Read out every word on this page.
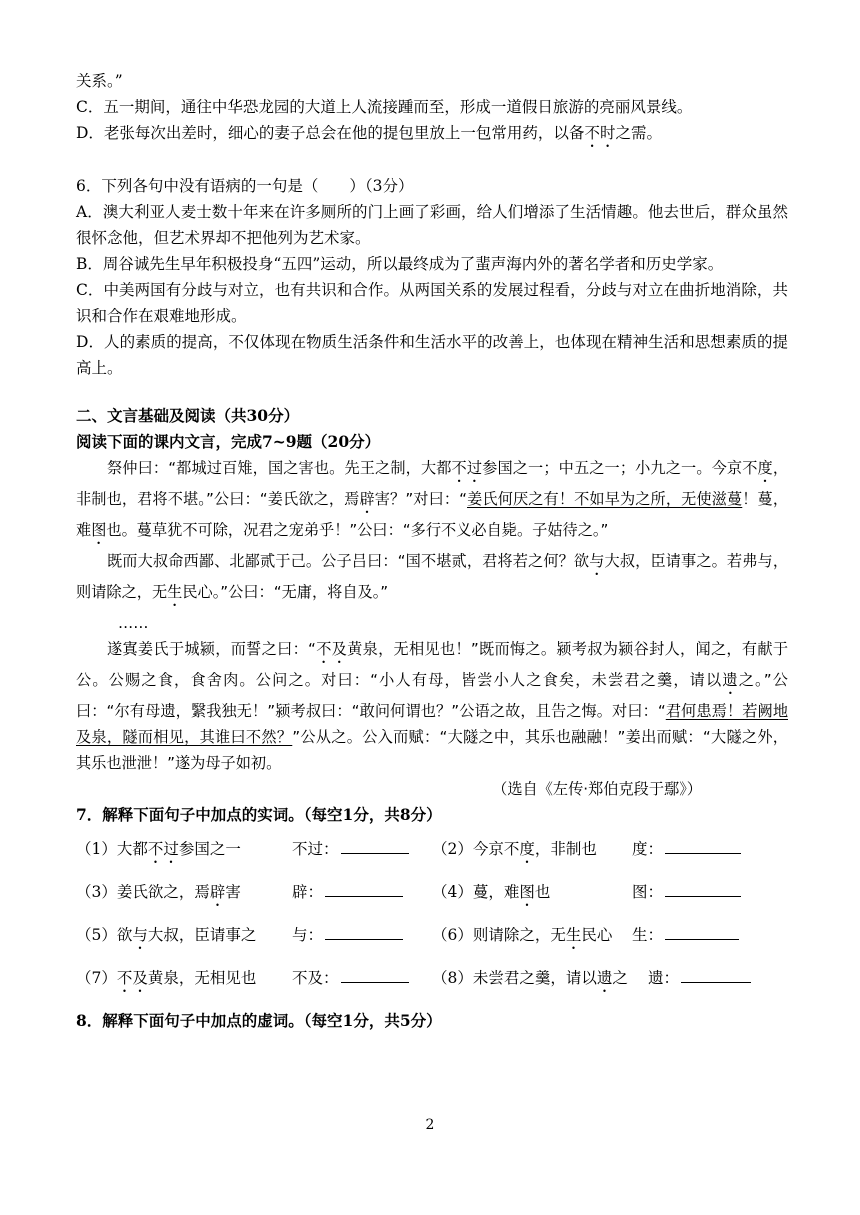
关系。”

C．五一期间，通往中华恐龙园的大道上人流接踵而至，形成一道假日旅游的亮丽风景线。

D．老张每次出差时，细心的妻子总会在他的提包里放上一包常用药，以备不时之需。

6．下列各句中没有语病的一句是（　　）（3分）

A．澳大利亚人麦士数十年来在许多厕所的门上画了彩画，给人们增添了生活情趣。他去世后，群众虽然很怀念他，但艺术界却不把他列为艺术家。

B．周谷诚先生早年积极投身“五四”运动，所以最终成为了蜚声海内外的著名学者和历史学家。

C．中美两国有分歧与对立，也有共识和合作。从两国关系的发展过程看，分歧与对立在曲折地消除，共识和合作在艰难地形成。

D．人的素质的提高，不仅体现在物质生活条件和生活水平的改善上，也体现在精神生活和思想素质的提高上。

二、文言基础及阅读（共30分）

阅读下面的课内文言，完成7~9题（20分）

祭仲曰：“都城过百雉，国之害也。先王之制，大都不过参国之一；中五之一；小九之一。今京不度，非制也，君将不堪。”公曰：“姜氏欲之，焉辟害？”对曰：“姜氏何厌之有！不如早为之所，无使滋蔓！蔓，难图也。蔓草犹不可除，况君之宠弟乎！”公曰：“多行不义必自毙。子姑待之。”

既而大叔命西鄙、北鄙贰于己。公子吕曰：“国不堪贰，君将若之何？欲与大叔，臣请事之。若弗与，则请除之，无生民心。”公曰：“无庸，将自及。”

……

遂寘姜氏于城颍，而誓之曰：“不及黄泉，无相见也！”既而悔之。颍考叔为颍谷封人，闻之，有献于公。公赐之食，食舍肉。公问之。对曰：“小人有母，皆尝小人之食矣，未尝君之羹，请以遗之。”公曰：“尔有母遗，繄我独无！”颍考叔曰：“敢问何谓也？”公语之故，且告之悔。对曰：“君何患焉！若阙地及泉，隧而相见，其谁曰不然？”公从之。公入而赋：“大隧之中，其乐也融融！”姜出而赋：“大隧之外，其乐也泄泄！”遂为母子如初。

（选自《左传·郑伯克段于鄢》）

7．解释下面句子中加点的实词。（每空1分，共8分）

（1）大都不过参国之一	不过：	（2）今京不度，非制也	度：
（3）姜氏欲之，焉辟害	辟：	（4）蔓，难图也	图：
（5）欲与大叔，臣请事之	与：	（6）则请除之，无生民心	生：
（7）不及黄泉，无相见也	不及：	（8）未尝君之羹，请以遗之	遗：

8．解释下面句子中加点的虚词。（每空1分，共5分）

2
